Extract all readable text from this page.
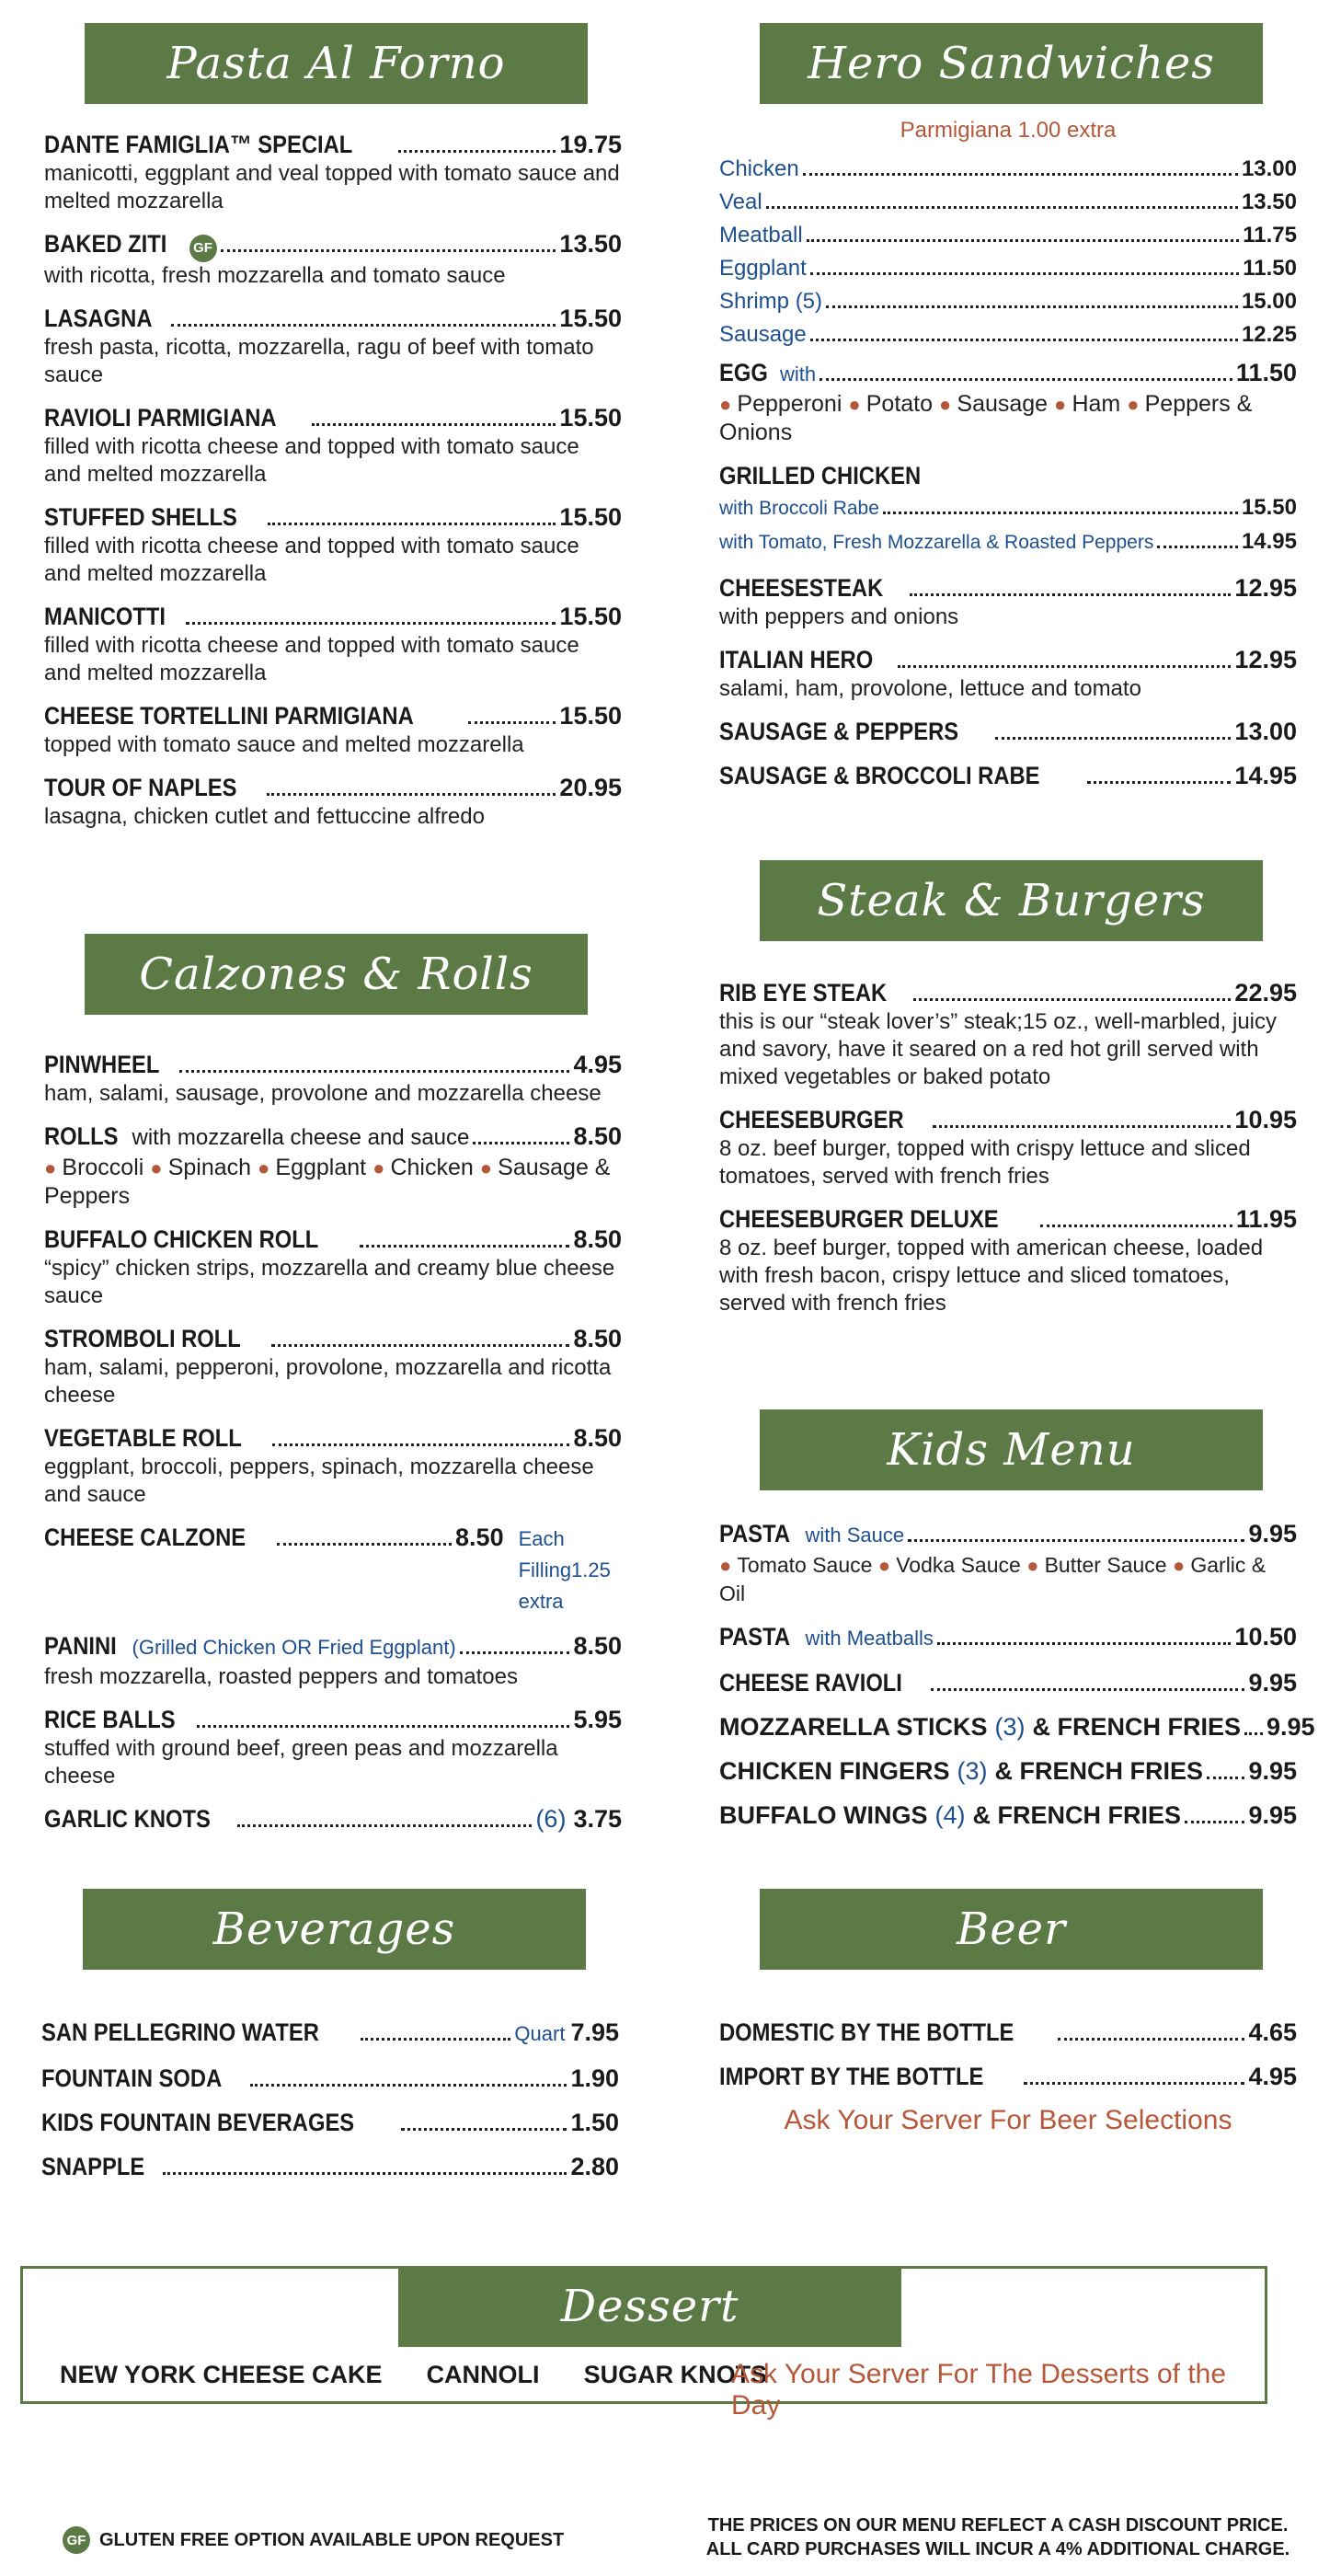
Pasta Al Forno
DANTE FAMIGLIA™ SPECIAL	19.75
manicotti, eggplant and veal topped with tomato sauce and melted mozzarella
BAKED ZITI	GF	13.50
with ricotta, fresh mozzarella and tomato sauce
LASAGNA	15.50
fresh pasta, ricotta, mozzarella, ragu of beef with tomato sauce
RAVIOLI PARMIGIANA	15.50
filled with ricotta cheese and topped with tomato sauce and melted mozzarella
STUFFED SHELLS	15.50
filled with ricotta cheese and topped with tomato sauce and melted mozzarella
MANICOTTI	15.50
filled with ricotta cheese and topped with tomato sauce and melted mozzarella
CHEESE TORTELLINI PARMIGIANA	15.50
topped with tomato sauce and melted mozzarella
TOUR OF NAPLES	20.95
lasagna, chicken cutlet and fettuccine alfredo
Hero Sandwiches
Parmigiana 1.00 extra
Chicken	13.00
Veal	13.50
Meatball	11.75
Eggplant	11.50
Shrimp (5)	15.00
Sausage	12.25
EGG with	11.50
● Pepperoni ● Potato ● Sausage ● Ham ● Peppers & Onions
GRILLED CHICKEN
with Broccoli Rabe	15.50
with Tomato, Fresh Mozzarella & Roasted Peppers	14.95
CHEESESTEAK	12.95
with peppers and onions
ITALIAN HERO	12.95
salami, ham, provolone, lettuce and tomato
SAUSAGE & PEPPERS	13.00
SAUSAGE & BROCCOLI RABE	14.95
Calzones & Rolls
PINWHEEL	4.95
ham, salami, sausage, provolone and mozzarella cheese
ROLLS with mozzarella cheese and sauce	8.50
● Broccoli ● Spinach ● Eggplant ● Chicken ● Sausage & Peppers
BUFFALO CHICKEN ROLL	8.50
“spicy” chicken strips, mozzarella and creamy blue cheese sauce
STROMBOLI ROLL	8.50
ham, salami, pepperoni, provolone, mozzarella and ricotta cheese
VEGETABLE ROLL	8.50
eggplant, broccoli, peppers, spinach, mozzarella cheese and sauce
CHEESE CALZONE	8.50 Each Filling1.25 extra
PANINI (Grilled Chicken OR Fried Eggplant)	8.50
fresh mozzarella, roasted peppers and tomatoes
RICE BALLS	5.95
stuffed with ground beef, green peas and mozzarella cheese
GARLIC KNOTS	(6) 3.75
Steak & Burgers
RIB EYE STEAK	22.95
this is our “steak lover’s” steak;15 oz., well-marbled, juicy and savory, have it seared on a red hot grill served with mixed vegetables or baked potato
CHEESEBURGER	10.95
8 oz. beef burger, topped with crispy lettuce and sliced tomatoes, served with french fries
CHEESEBURGER DELUXE	11.95
8 oz. beef burger, topped with american cheese, loaded with fresh bacon, crispy lettuce and sliced tomatoes, served with french fries
Kids Menu
PASTA with Sauce	9.95
● Tomato Sauce ● Vodka Sauce ● Butter Sauce ● Garlic & Oil
PASTA with Meatballs	10.50
CHEESE RAVIOLI	9.95
MOZZARELLA STICKS (3) & FRENCH FRIES 9.95
CHICKEN FINGERS (3) & FRENCH FRIES 9.95
BUFFALO WINGS (4) & FRENCH FRIES	9.95
Beverages
SAN PELLEGRINO WATER	Quart 7.95
FOUNTAIN SODA	1.90
KIDS FOUNTAIN BEVERAGES	1.50
SNAPPLE	2.80
Beer
DOMESTIC BY THE BOTTLE	4.65
IMPORT BY THE BOTTLE	4.95
Ask Your Server For Beer Selections
Dessert
NEW YORK CHEESE CAKE CANNOLI SUGAR KNOTS
Ask Your Server For The Desserts of the Day
GF GLUTEN FREE OPTION AVAILABLE UPON REQUEST
THE PRICES ON OUR MENU REFLECT A CASH DISCOUNT PRICE.
ALL CARD PURCHASES WILL INCUR A 4% ADDITIONAL CHARGE.
